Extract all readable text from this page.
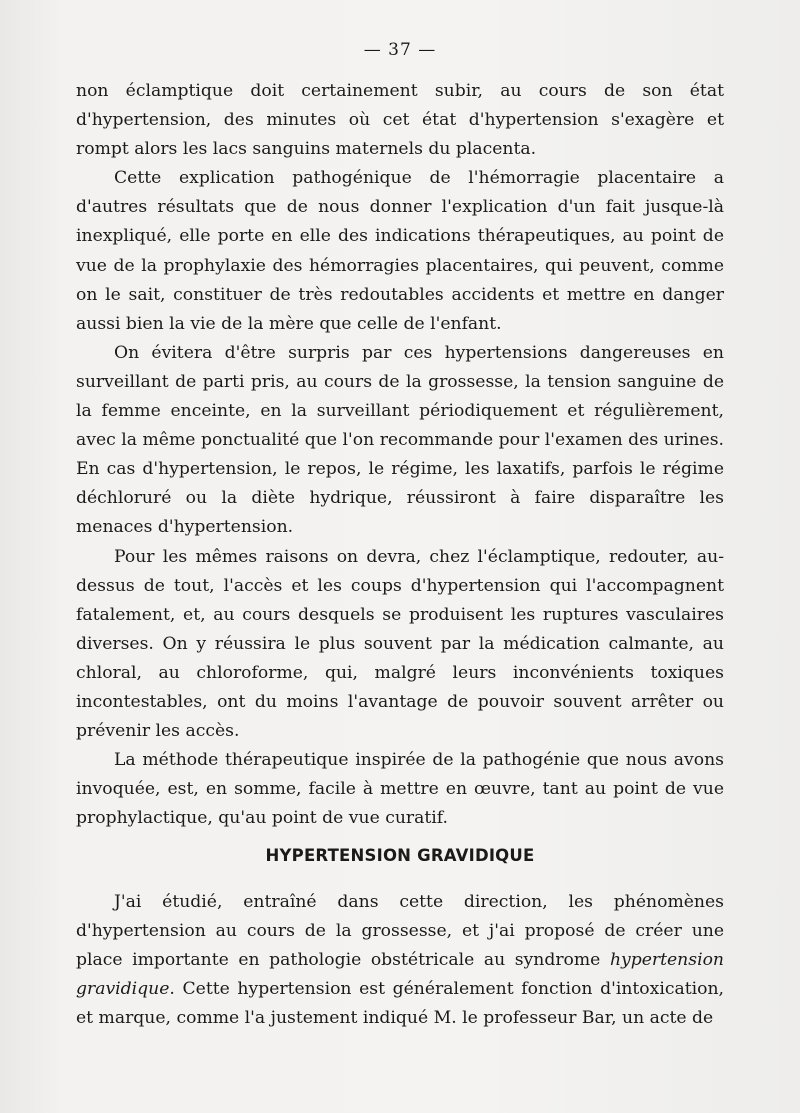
— 37 —

non éclamptique doit certainement subir, au cours de son état d'hypertension, des minutes où cet état d'hypertension s'exagère et rompt alors les lacs sanguins maternels du placenta.

Cette explication pathogénique de l'hémorragie placentaire a d'autres résultats que de nous donner l'explication d'un fait jusque-là inexpliqué, elle porte en elle des indications thérapeutiques, au point de vue de la prophylaxie des hémorragies placentaires, qui peuvent, comme on le sait, constituer de très redoutables accidents et mettre en danger aussi bien la vie de la mère que celle de l'enfant.

On évitera d'être surpris par ces hypertensions dangereuses en surveillant de parti pris, au cours de la grossesse, la tension sanguine de la femme enceinte, en la surveillant périodiquement et régulièrement, avec la même ponctualité que l'on recommande pour l'examen des urines. En cas d'hypertension, le repos, le régime, les laxatifs, parfois le régime déchloruré ou la diète hydrique, réussiront à faire disparaître les menaces d'hypertension.

Pour les mêmes raisons on devra, chez l'éclamptique, redouter, au-dessus de tout, l'accès et les coups d'hypertension qui l'accompagnent fatalement, et, au cours desquels se produisent les ruptures vasculaires diverses. On y réussira le plus souvent par la médication calmante, au chloral, au chloroforme, qui, malgré leurs inconvénients toxiques incontestables, ont du moins l'avantage de pouvoir souvent arrêter ou prévenir les accès.

La méthode thérapeutique inspirée de la pathogénie que nous avons invoquée, est, en somme, facile à mettre en œuvre, tant au point de vue prophylactique, qu'au point de vue curatif.

HYPERTENSION GRAVIDIQUE

J'ai étudié, entraîné dans cette direction, les phénomènes d'hypertension au cours de la grossesse, et j'ai proposé de créer une place importante en pathologie obstétricale au syndrome hypertension gravidique. Cette hypertension est généralement fonction d'intoxication, et marque, comme l'a justement indiqué M. le professeur Bar, un acte de
